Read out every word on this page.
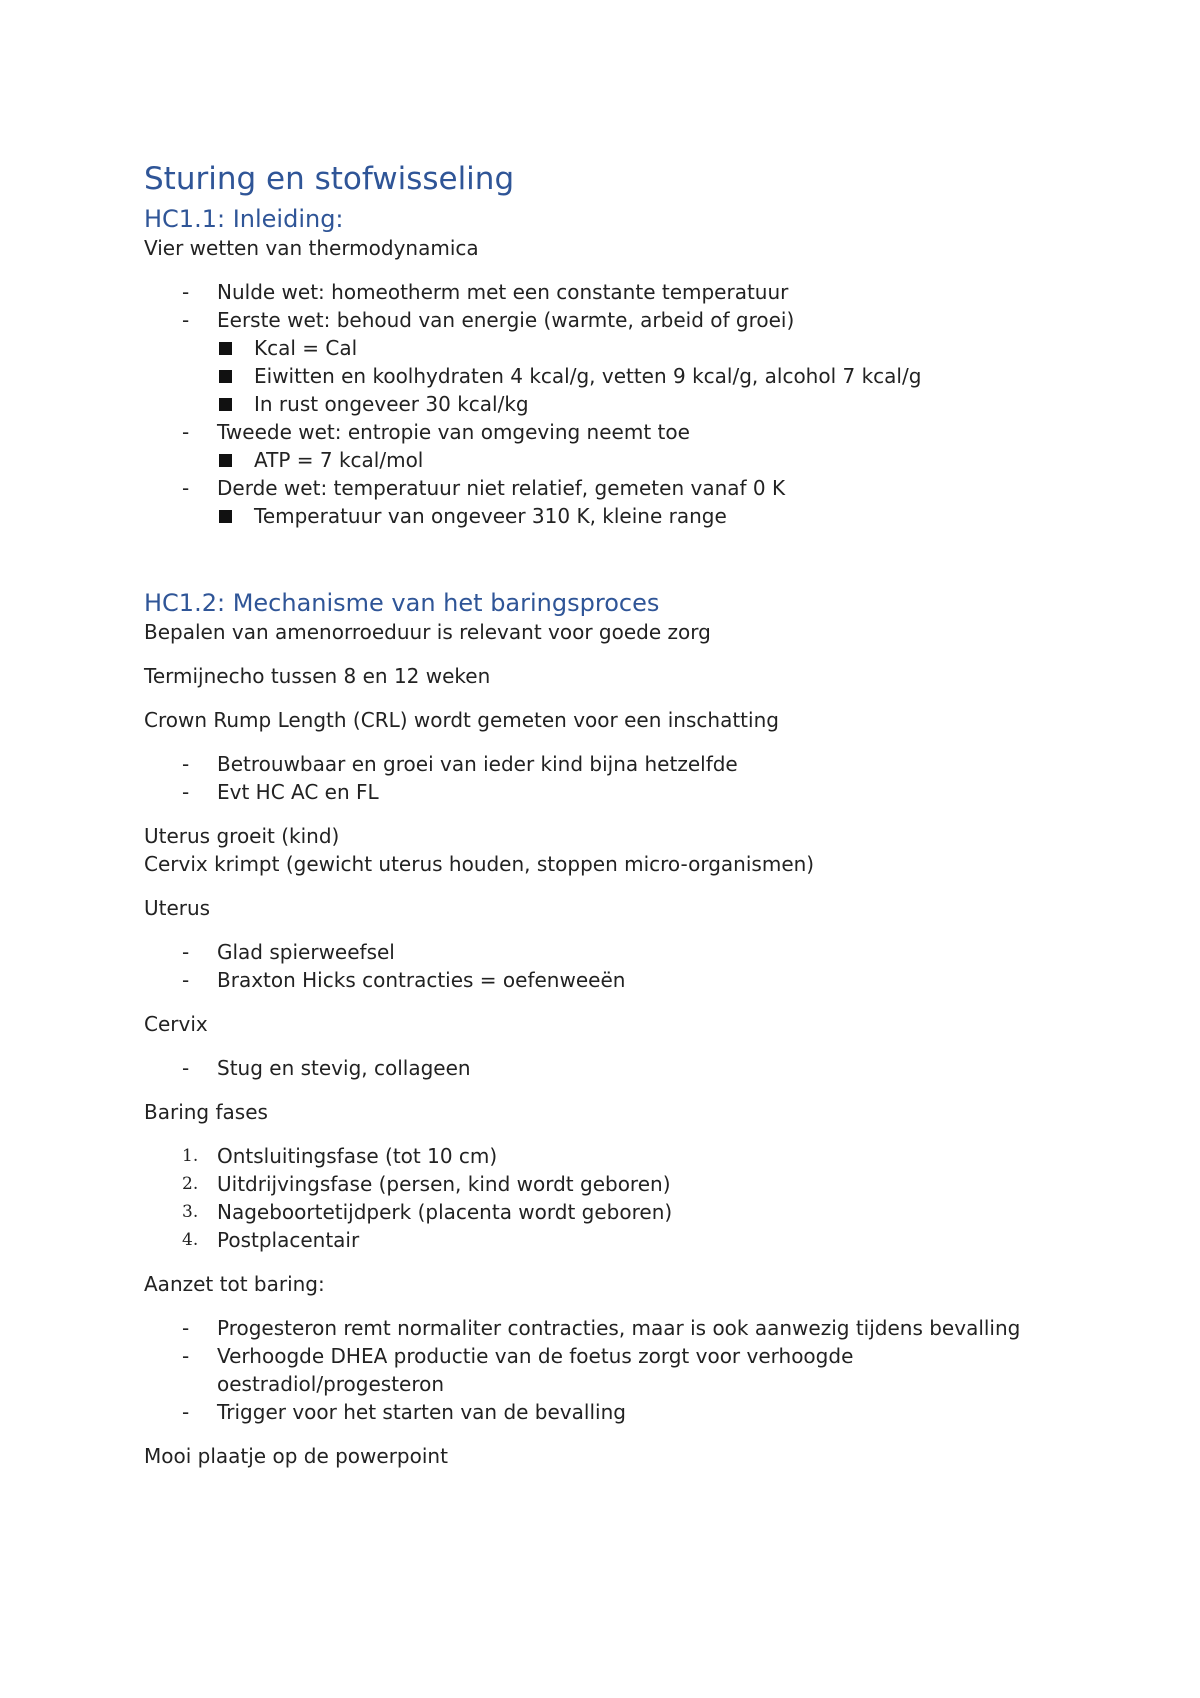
Sturing en stofwisseling
HC1.1: Inleiding:

Vier wetten van thermodynamica

- Nulde wet: homeotherm met een constante temperatuur
- Eerste wet: behoud van energie (warmte, arbeid of groei)
Kcal = Cal
Eiwitten en koolhydraten 4 kcal/g, vetten 9 kcal/g, alcohol 7 kcal/g
In rust ongeveer 30 kcal/kg
- Tweede wet: entropie van omgeving neemt toe
ATP = 7 kcal/mol
- Derde wet: temperatuur niet relatief, gemeten vanaf 0 K
Temperatuur van ongeveer 310 K, kleine range
HC1.2: Mechanisme van het baringsproces

Bepalen van amenorroeduur is relevant voor goede zorg

Termijnecho tussen 8 en 12 weken

Crown Rump Length (CRL) wordt gemeten voor een inschatting

- Betrouwbaar en groei van ieder kind bijna hetzelfde
- Evt HC AC en FL

Uterus groeit (kind)

Cervix krimpt (gewicht uterus houden, stoppen micro-organismen)

Uterus

- Glad spierweefsel
- Braxton Hicks contracties = oefenweeën

Cervix

- Stug en stevig, collageen

Baring fases

1. Ontsluitingsfase (tot 10 cm)
2. Uitdrijvingsfase (persen, kind wordt geboren)
3. Nageboortetijdperk (placenta wordt geboren)
4. Postplacentair

Aanzet tot baring:

- Progesteron remt normaliter contracties, maar is ook aanwezig tijdens bevalling
- Verhoogde DHEA productie van de foetus zorgt voor verhoogde oestradiol/progesteron
- Trigger voor het starten van de bevalling

Mooi plaatje op de powerpoint
